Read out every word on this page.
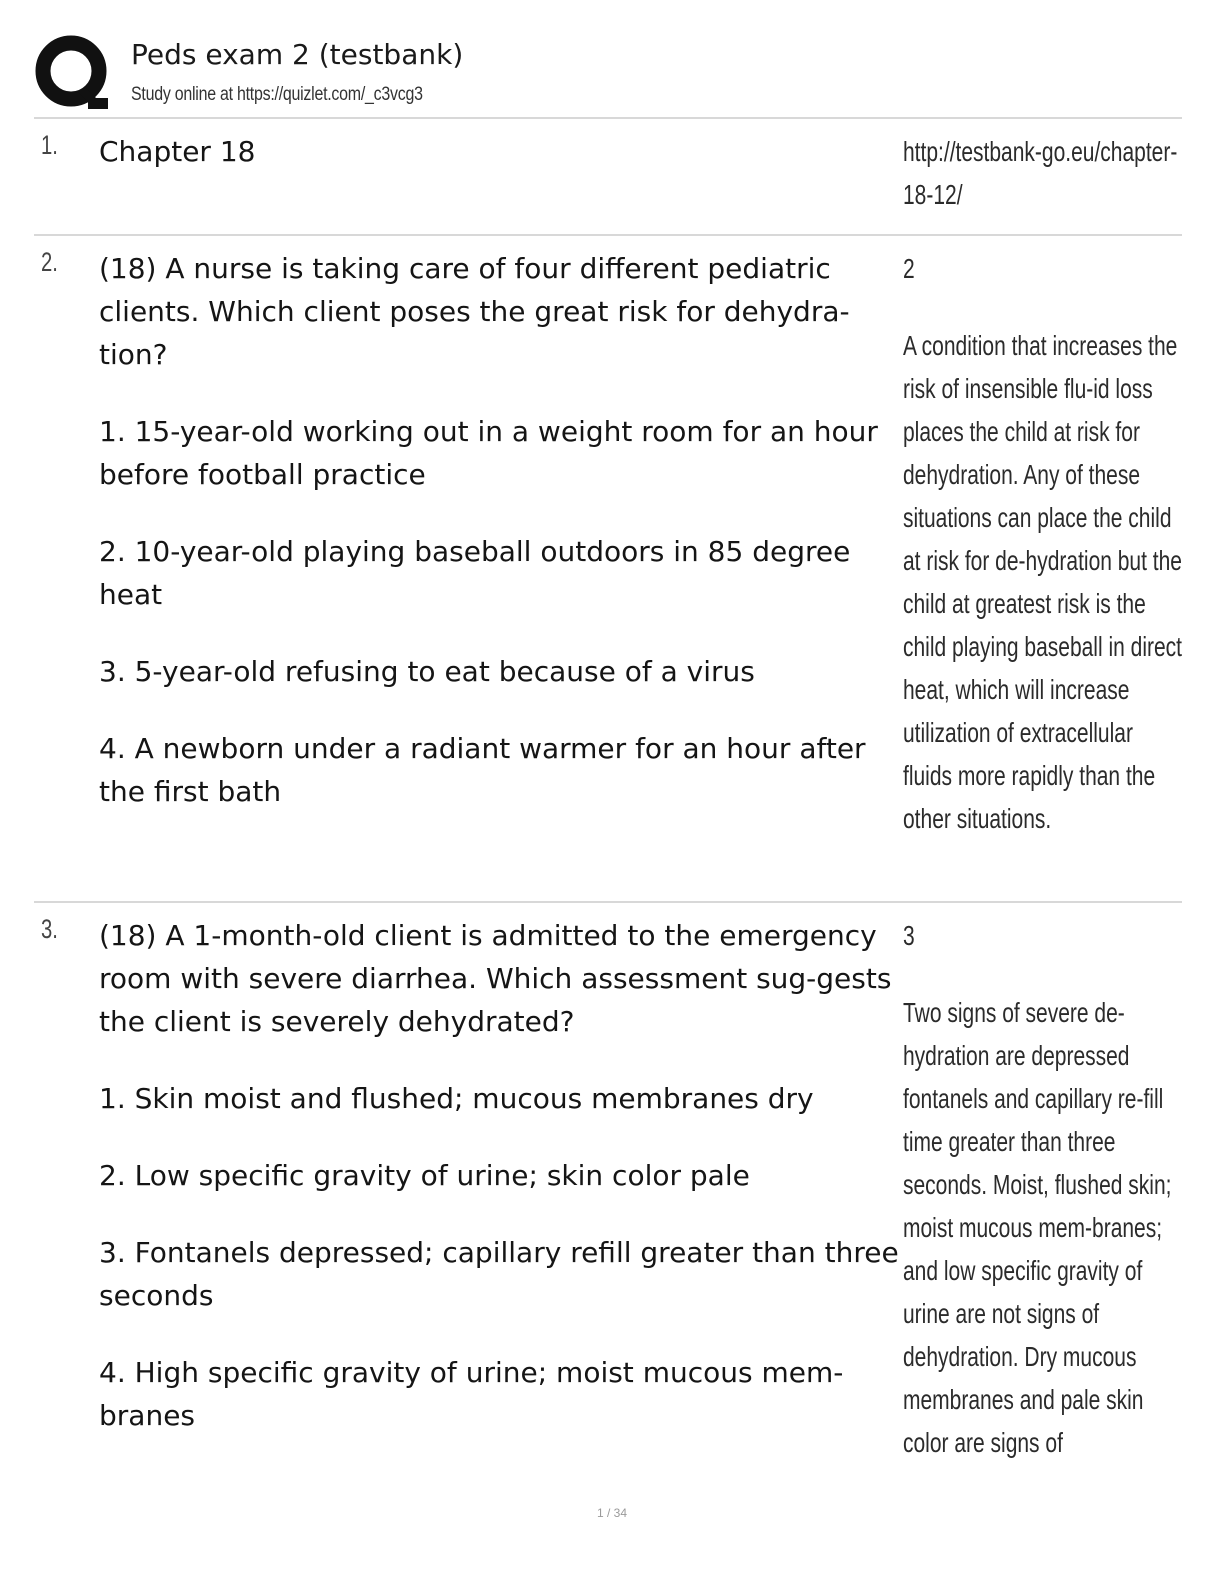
Peds exam 2 (testbank)
Study online at https://quizlet.com/_c3vcg3
1. Chapter 18	http://testbank-go.eu/chapter-18-12/
2. (18) A nurse is taking care of four different pediatric clients. Which client poses the great risk for dehydra-tion?

1. 15-year-old working out in a weight room for an hour before football practice

2. 10-year-old playing baseball outdoors in 85 degree heat

3. 5-year-old refusing to eat because of a virus

4. A newborn under a radiant warmer for an hour after the first bath

2
A condition that increases the risk of insensible flu-id loss places the child at risk for dehydration. Any of these situations can place the child at risk for de-hydration but the child at greatest risk is the child playing baseball in direct heat, which will increase utilization of extracellular fluids more rapidly than the other situations.
3. (18) A 1-month-old client is admitted to the emergency room with severe diarrhea. Which assessment sug-gests the client is severely dehydrated?

1. Skin moist and flushed; mucous membranes dry

2. Low specific gravity of urine; skin color pale

3. Fontanels depressed; capillary refill greater than three seconds

4. High specific gravity of urine; moist mucous mem-branes

3
Two signs of severe de-hydration are depressed fontanels and capillary re-fill time greater than three seconds. Moist, flushed skin; moist mucous mem-branes; and low specific gravity of urine are not signs of dehydration. Dry mucous membranes and pale skin color are signs of
1 / 34
